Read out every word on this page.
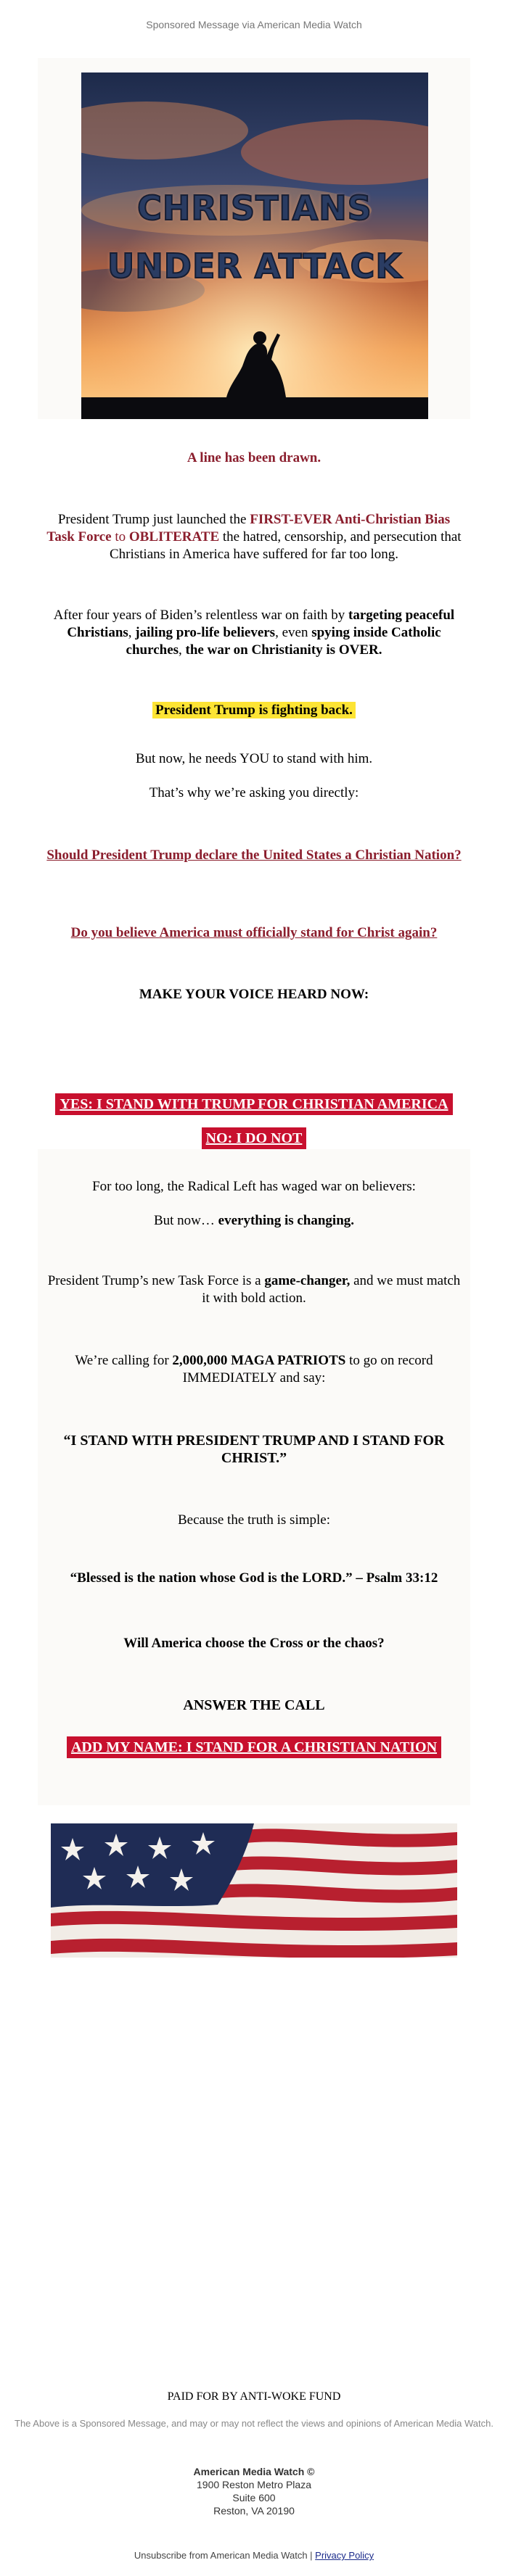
Sponsored Message via American Media Watch
CHRISTIANS
UNDER ATTACK
A line has been drawn.
President Trump just launched the FIRST-EVER Anti-Christian Bias Task Force to OBLITERATE the hatred, censorship, and persecution that Christians in America have suffered for far too long.
After four years of Biden’s relentless war on faith by targeting peaceful Christians, jailing pro-life believers, even spying inside Catholic churches, the war on Christianity is OVER.
President Trump is fighting back.
But now, he needs YOU to stand with him.
That’s why we’re asking you directly:
Should President Trump declare the United States a Christian Nation?
Do you believe America must officially stand for Christ again?
MAKE YOUR VOICE HEARD NOW:
YES: I STAND WITH TRUMP FOR CHRISTIAN AMERICA
NO: I DO NOT
For too long, the Radical Left has waged war on believers:
But now… everything is changing.
President Trump’s new Task Force is a game-changer, and we must match it with bold action.
We’re calling for 2,000,000 MAGA PATRIOTS to go on record IMMEDIATELY and say:
“I STAND WITH PRESIDENT TRUMP AND I STAND FOR CHRIST.”
Because the truth is simple:
“Blessed is the nation whose God is the LORD.” – Psalm 33:12
Will America choose the Cross or the chaos?
ANSWER THE CALL
ADD MY NAME: I STAND FOR A CHRISTIAN NATION
PAID FOR BY ANTI-WOKE FUND
The Above is a Sponsored Message, and may or may not reflect the views and opinions of American Media Watch.
American Media Watch ©
1900 Reston Metro Plaza
Suite 600
Reston, VA 20190
Unsubscribe from American Media Watch | Privacy Policy
